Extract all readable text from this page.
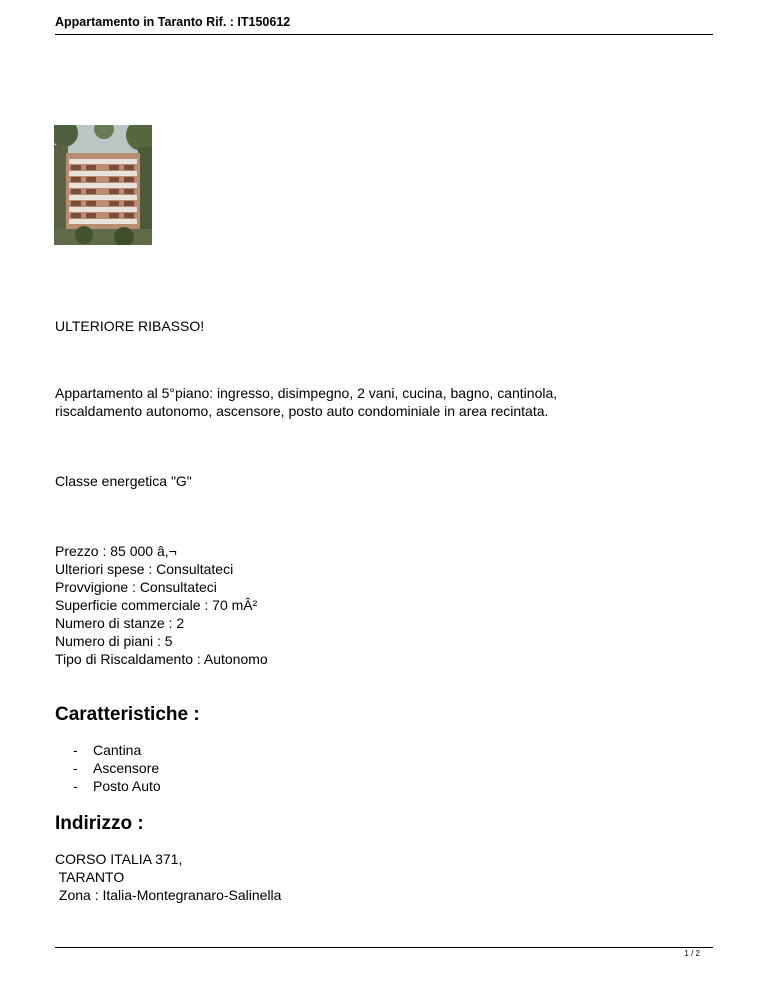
Appartamento in Taranto Rif. : IT150612
ULTERIORE RIBASSO!
Appartamento al 5°piano: ingresso, disimpegno, 2 vani, cucina, bagno, cantinola,
riscaldamento autonomo, ascensore, posto auto condominiale in area recintata.
Classe energetica "G"
Prezzo : 85 000 â,¬
Ulteriori spese : Consultateci
Provvigione : Consultateci
Superficie commerciale : 70 mÂ²
Numero di stanze : 2
Numero di piani : 5
Tipo di Riscaldamento : Autonomo
Caratteristiche :
- Cantina
- Ascensore
- Posto Auto
Indirizzo :
CORSO ITALIA 371,
TARANTO
Zona : Italia-Montegranaro-Salinella
1 / 2
